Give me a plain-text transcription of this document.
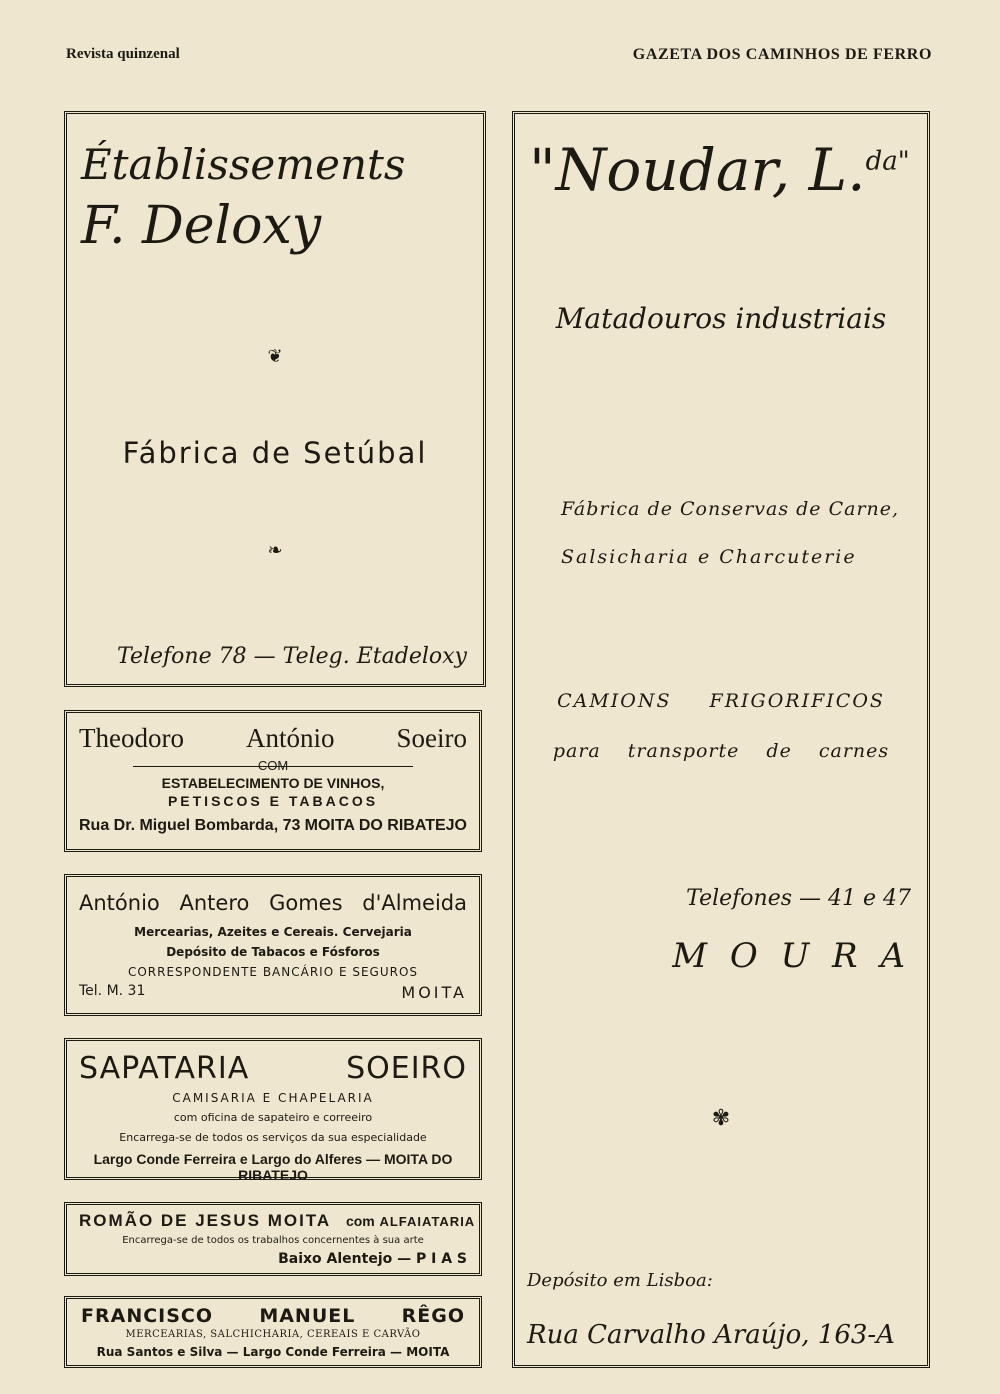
Revista quinzenal	GAZETA DOS CAMINHOS DE FERRO
Établissements
F. Deloxy
❦
Fábrica de Setúbal
❧
Telefone 78 — Teleg. Etadeloxy
Theodoro António Soeiro
COM
ESTABELECIMENTO DE VINHOS,
PETISCOS E TABACOS
Rua Dr. Miguel Bombarda, 73 MOITA DO RIBATEJO
António Antero Gomes d'Almeida
Mercearias, Azeites e Cereais. Cervejaria
Depósito de Tabacos e Fósforos
CORRESPONDENTE BANCÁRIO E SEGUROS
Tel. M. 31	MOITA
SAPATARIA	SOEIRO
CAMISARIA E CHAPELARIA
com oficina de sapateiro e correeiro
Encarrega-se de todos os serviços da sua especialidade
Largo Conde Ferreira e Largo do Alferes — MOITA DO RIBATEJO
ROMÃO DE JESUS MOITA com ALFAIATARIA
Encarrega-se de todos os trabalhos concernentes à sua arte
Baixo Alentejo — P I A S
FRANCISCO MANUEL RÊGO
MERCEARIAS, SALCHICHARIA, CEREAIS E CARVÃO
Rua Santos e Silva — Largo Conde Ferreira — MOITA
"Noudar, L.$^{da"}$
Matadouros industriais
Fábrica de Conservas de Carne,
Salsicharia e Charcuterie
CAMIONS FRIGORIFICOS
para transporte de carnes
Telefones — 41 e 47
M O U R A
✾
Depósito em Lisboa:
Rua Carvalho Araújo, 163-A
